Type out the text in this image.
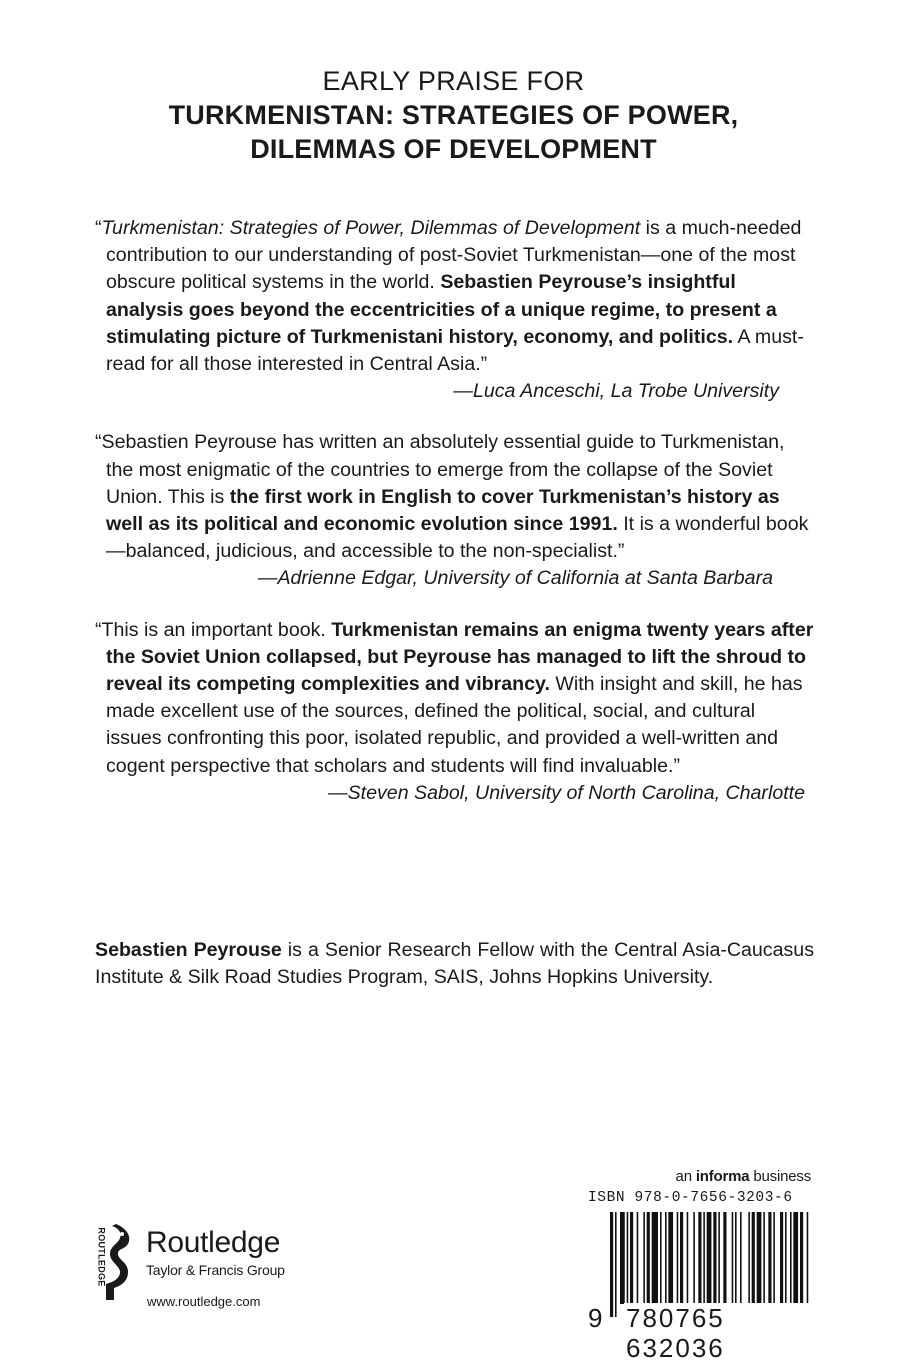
EARLY PRAISE FOR
TURKMENISTAN: STRATEGIES OF POWER,
DILEMMAS OF DEVELOPMENT
“Turkmenistan: Strategies of Power, Dilemmas of Development is a much-needed contribution to our understanding of post-Soviet Turkmenistan—one of the most obscure political systems in the world. Sebastien Peyrouse’s insightful analysis goes beyond the eccentricities of a unique regime, to present a stimulating picture of Turkmenistani history, economy, and politics. A must-read for all those interested in Central Asia.”
—Luca Anceschi, La Trobe University
“Sebastien Peyrouse has written an absolutely essential guide to Turkmenistan, the most enigmatic of the countries to emerge from the collapse of the Soviet Union. This is the first work in English to cover Turkmenistan’s history as well as its political and economic evolution since 1991. It is a wonderful book—balanced, judicious, and accessible to the non-specialist.”
—Adrienne Edgar, University of California at Santa Barbara
“This is an important book. Turkmenistan remains an enigma twenty years after the Soviet Union collapsed, but Peyrouse has managed to lift the shroud to reveal its competing complexities and vibrancy. With insight and skill, he has made excellent use of the sources, defined the political, social, and cultural issues confronting this poor, isolated republic, and provided a well-written and cogent perspective that scholars and students will find invaluable.”
—Steven Sabol, University of North Carolina, Charlotte
Sebastien Peyrouse is a Senior Research Fellow with the Central Asia-Caucasus Institute & Silk Road Studies Program, SAIS, Johns Hopkins University.
ROUTLEDGE Routledge
Taylor & Francis Group
www.routledge.com
an informa business
ISBN 978-0-7656-3203-6
9 780765 632036
